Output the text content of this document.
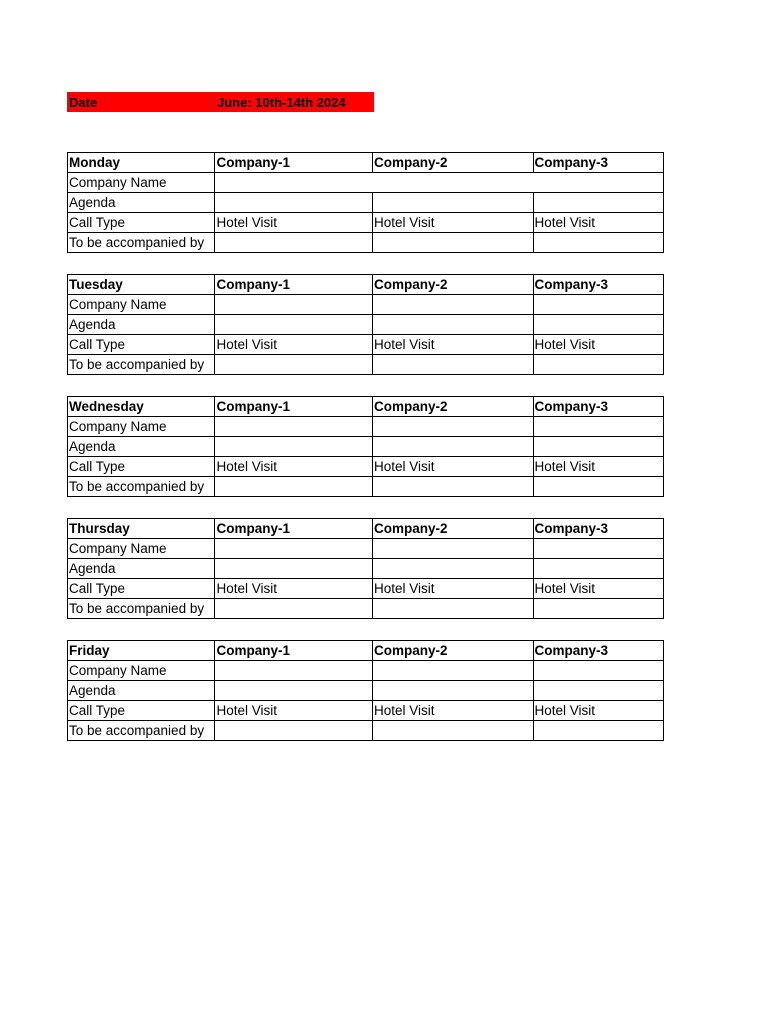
Date	June: 10th-14th 2024
Monday	Company-1	Company-2	Company-3
Company Name			
Agenda			
Call Type	Hotel Visit	Hotel Visit	Hotel Visit
To be accompanied by			
Tuesday	Company-1	Company-2	Company-3
Company Name			
Agenda			
Call Type	Hotel Visit	Hotel Visit	Hotel Visit
To be accompanied by			
Wednesday	Company-1	Company-2	Company-3
Company Name			
Agenda			
Call Type	Hotel Visit	Hotel Visit	Hotel Visit
To be accompanied by			
Thursday	Company-1	Company-2	Company-3
Company Name			
Agenda			
Call Type	Hotel Visit	Hotel Visit	Hotel Visit
To be accompanied by			
Friday	Company-1	Company-2	Company-3
Company Name			
Agenda			
Call Type	Hotel Visit	Hotel Visit	Hotel Visit
To be accompanied by			
